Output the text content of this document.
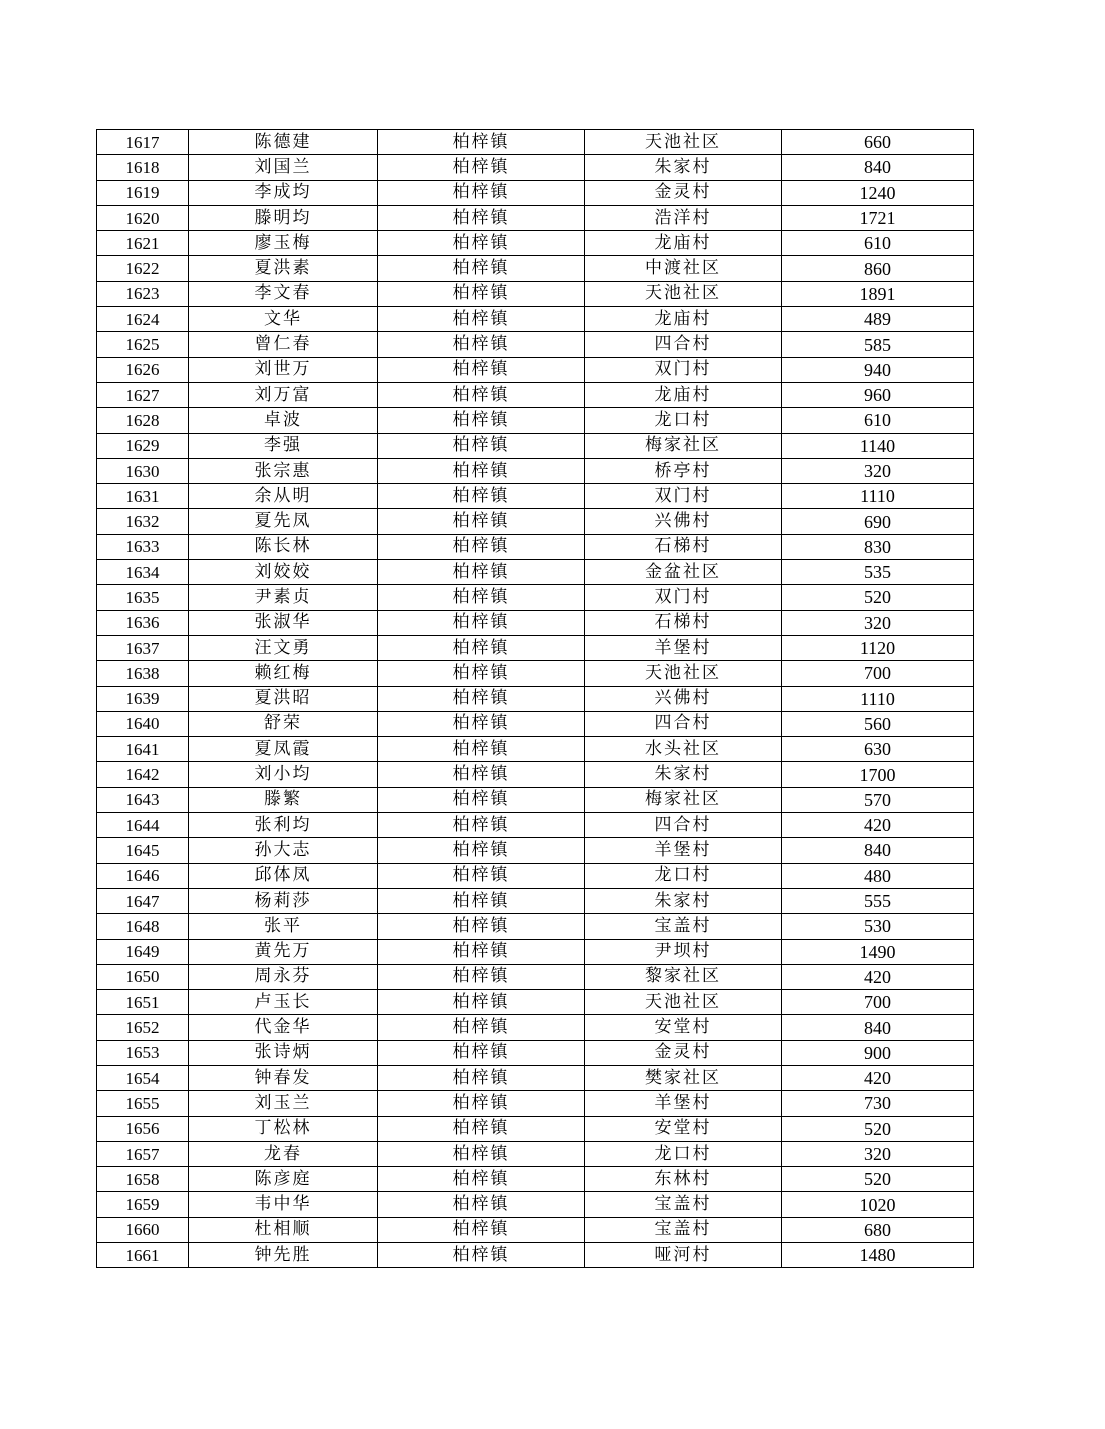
1617	陈德建	柏梓镇	天池社区	660
1618	刘国兰	柏梓镇	朱家村	840
1619	李成均	柏梓镇	金灵村	1240
1620	滕明均	柏梓镇	浩洋村	1721
1621	廖玉梅	柏梓镇	龙庙村	610
1622	夏洪素	柏梓镇	中渡社区	860
1623	李文春	柏梓镇	天池社区	1891
1624	文华	柏梓镇	龙庙村	489
1625	曾仁春	柏梓镇	四合村	585
1626	刘世万	柏梓镇	双门村	940
1627	刘万富	柏梓镇	龙庙村	960
1628	卓波	柏梓镇	龙口村	610
1629	李强	柏梓镇	梅家社区	1140
1630	张宗惠	柏梓镇	桥亭村	320
1631	余从明	柏梓镇	双门村	1110
1632	夏先凤	柏梓镇	兴佛村	690
1633	陈长林	柏梓镇	石梯村	830
1634	刘姣姣	柏梓镇	金盆社区	535
1635	尹素贞	柏梓镇	双门村	520
1636	张淑华	柏梓镇	石梯村	320
1637	汪文勇	柏梓镇	羊堡村	1120
1638	赖红梅	柏梓镇	天池社区	700
1639	夏洪昭	柏梓镇	兴佛村	1110
1640	舒荣	柏梓镇	四合村	560
1641	夏凤霞	柏梓镇	水头社区	630
1642	刘小均	柏梓镇	朱家村	1700
1643	滕繁	柏梓镇	梅家社区	570
1644	张利均	柏梓镇	四合村	420
1645	孙大志	柏梓镇	羊堡村	840
1646	邱体凤	柏梓镇	龙口村	480
1647	杨莉莎	柏梓镇	朱家村	555
1648	张平	柏梓镇	宝盖村	530
1649	黄先万	柏梓镇	尹坝村	1490
1650	周永芬	柏梓镇	黎家社区	420
1651	卢玉长	柏梓镇	天池社区	700
1652	代金华	柏梓镇	安堂村	840
1653	张诗炳	柏梓镇	金灵村	900
1654	钟春发	柏梓镇	樊家社区	420
1655	刘玉兰	柏梓镇	羊堡村	730
1656	丁松林	柏梓镇	安堂村	520
1657	龙春	柏梓镇	龙口村	320
1658	陈彦庭	柏梓镇	东林村	520
1659	韦中华	柏梓镇	宝盖村	1020
1660	杜相顺	柏梓镇	宝盖村	680
1661	钟先胜	柏梓镇	哑河村	1480
